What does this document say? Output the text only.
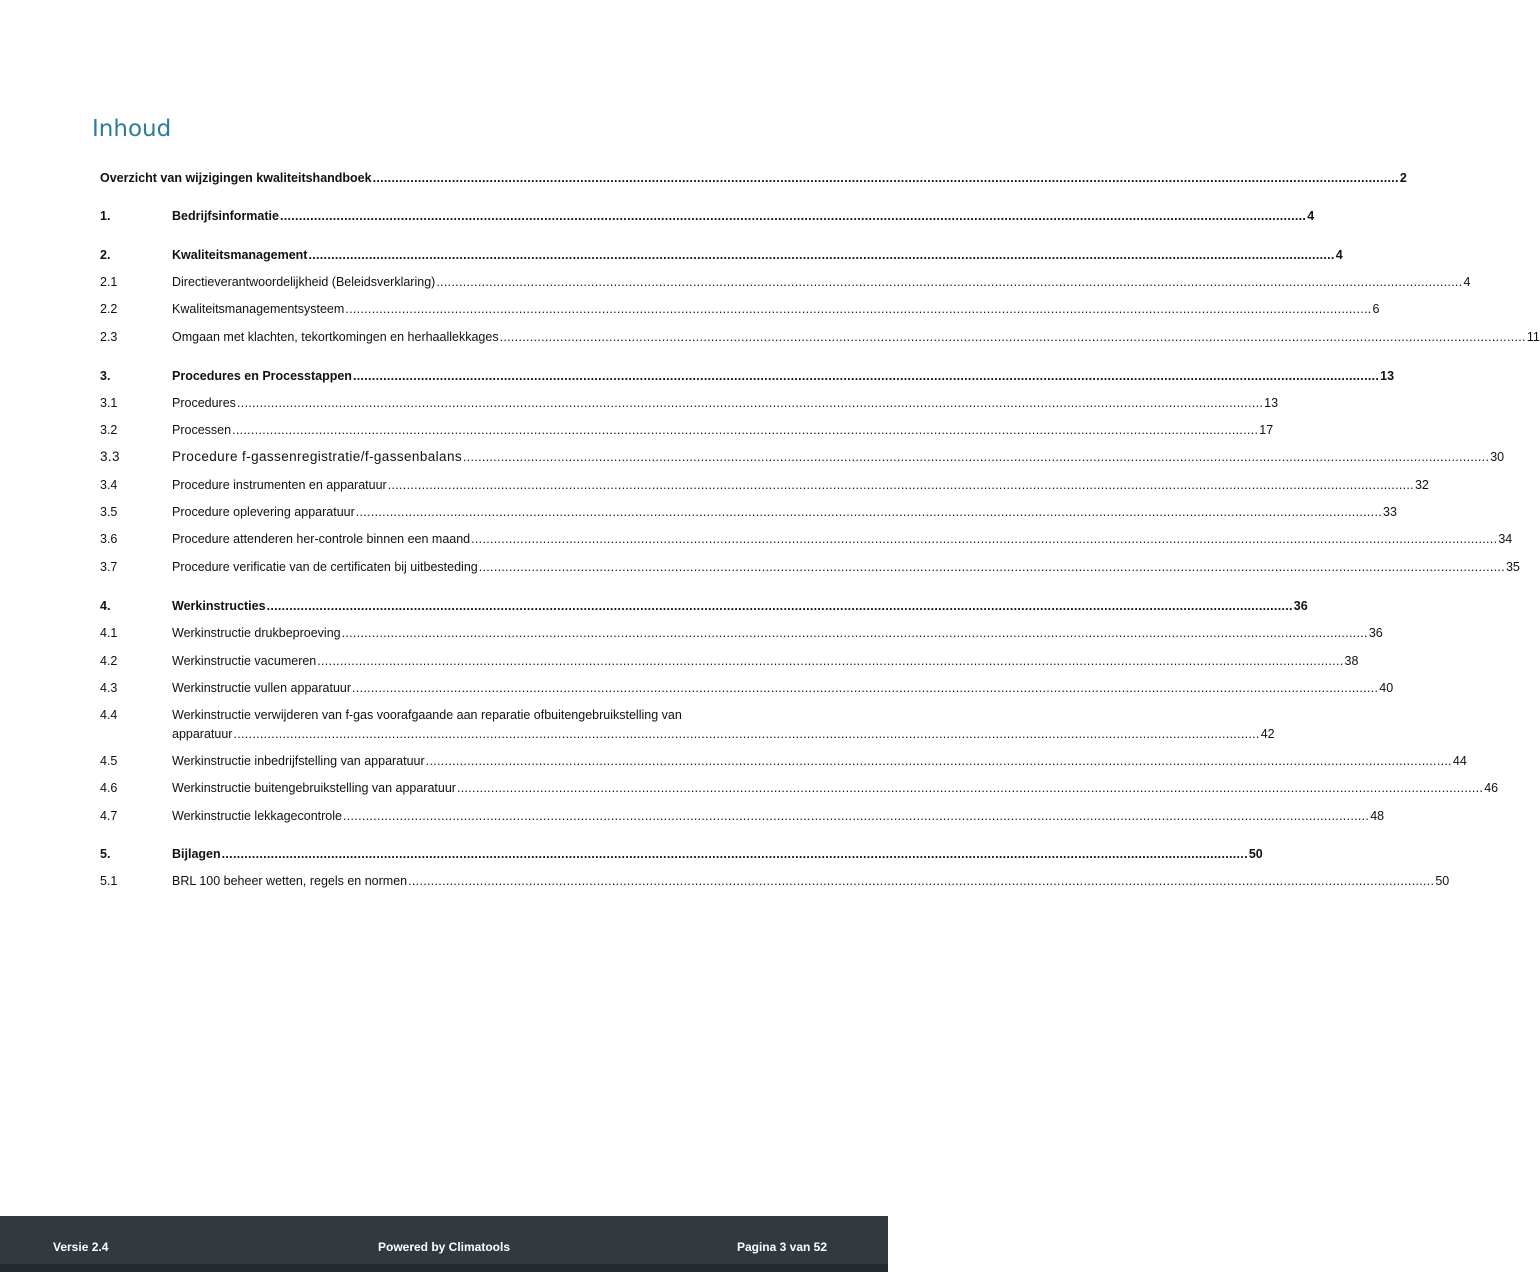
Inhoud
Overzicht van wijzigingen kwaliteitshandboek .....	2
1.	Bedrijfsinformatie .....	4
2.	Kwaliteitsmanagement .....	4
2.1	Directieverantwoordelijkheid (Beleidsverklaring) .....	4
2.2	Kwaliteitsmanagementsysteem .....	6
2.3	Omgaan met klachten, tekortkomingen en herhaallekkages .....	11
3.	Procedures en Processtappen .....	13
3.1	Procedures .....	13
3.2	Processen .....	17
3.3	Procedure f-gassenregistratie/f-gassenbalans .....	30
3.4	Procedure instrumenten en apparatuur .....	32
3.5	Procedure oplevering apparatuur .....	33
3.6	Procedure attenderen her-controle binnen een maand .....	34
3.7	Procedure verificatie van de certificaten bij uitbesteding .....	35
4.	Werkinstructies .....	36
4.1	Werkinstructie drukbeproeving .....	36
4.2	Werkinstructie vacumeren .....	38
4.3	Werkinstructie vullen apparatuur .....	40
4.4	Werkinstructie verwijderen van f-gas voorafgaande aan reparatie ofbuitengebruikstelling van
apparatuur .....	42
4.5	Werkinstructie inbedrijfstelling van apparatuur .....	44
4.6	Werkinstructie buitengebruikstelling van apparatuur .....	46
4.7	Werkinstructie lekkagecontrole .....	48
5.	Bijlagen .....	50
5.1	BRL 100 beheer wetten, regels en normen .....	50
Versie 2.4	Powered by Climatools	Pagina 3 van 52
